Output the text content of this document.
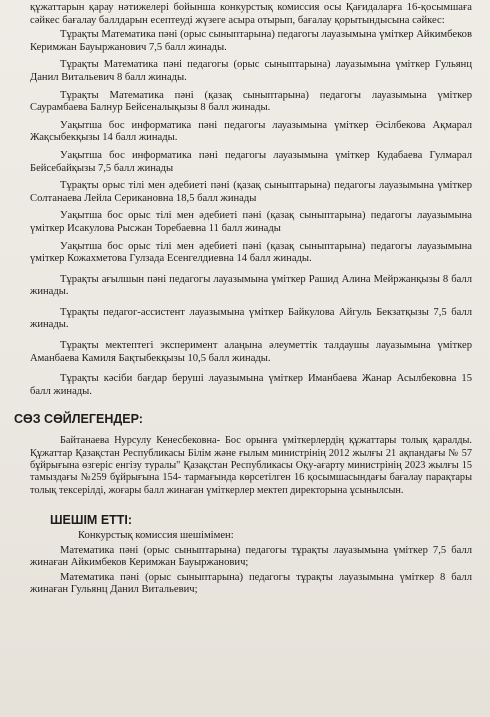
құжаттарын қарау нәтижелері бойынша конкурстық комиссия осы Қағидаларға 16-қосымшаға сәйкес бағалау баллдарын есептеуді жүзеге асыра отырып, бағалау қорытындысына сәйкес:

Тұрақты Математика пәні (орыс сыныптарына) педагогы лауазымына үміткер Айкимбеков Керимжан Бауыржанович 7,5 балл жинады.

Тұрақты Математика пәні педагогы (орыс сыныптарына) лауазымына үміткер Гульянц Данил Витальевич 8 балл жинады.

Тұрақты Математика пәні (қазақ сыныптарына) педагогы лауазымына үміткер Саурамбаева Балнур Бейсеналықызы 8 балл жинады.

Уақытша бос информатика пәні педагогы лауазымына үміткер Әсілбекова Ақмарал Жақсыбекқызы 14 балл жинады.

Уақытша бос информатика пәні педагогы лауазымына үміткер Кудабаева Гулмарал Бейсебайқызы 7,5 балл жинады

Тұрақты орыс тілі мен әдебиеті пәні (қазақ сыныптарына) педагогы лауазымына үміткер Солтанаева Лейла Серикановна 18,5 балл жинады

Уақытша бос орыс тілі мен әдебиеті пәні (қазақ сыныптарына) педагогы лауазымына үміткер Исакулова Рысжан Торебаевна 11 балл жинады

Уақытша бос орыс тілі мен әдебиеті пәні (қазақ сыныптарына) педагогы лауазымына үміткер Кожахметова Гулзада Есенгелдиевна 14 балл жинады.

Тұрақты ағылшын пәні педагогы лауазымына үміткер Рашид Алина Мейржанқызы 8 балл жинады.

Тұрақты педагог-ассистент лауазымына үміткер Байкулова Айгуль Бекзатқызы 7,5 балл жинады.

Тұрақты мектептегі эксперимент алаңына әлеуметтік талдаушы лауазымына үміткер Аманбаева Камиля Бақтыбекқызы 10,5 балл жинады.

Тұрақты кәсіби бағдар беруші лауазымына үміткер Иманбаева Жанар Асылбековна 15 балл жинады.

СӨЗ СӨЙЛЕГЕНДЕР:

Байтанаева Нурсулу Кенесбековна- Бос орынға үміткерлердің құжаттары толық қаралды. Құжаттар Қазақстан Республикасы Білім және ғылым министрінің 2012 жылғы 21 ақпандағы № 57 бұйрығына өзгеріс енгізу туралы" Қазақстан Республикасы Оқу-ағарту министрінің 2023 жылғы 15 тамыздағы №259 бұйрығына 154- тармағында көрсетілген 16 қосымшасындағы бағалау парақтары толық тексерілді, жоғары балл жинаған үміткерлер мектеп директорына ұсынылсын.

ШЕШІМ ЕТТІ:

Конкурстық комиссия шешімімен:

Математика пәні (орыс сыныптарына) педагогы тұрақты лауазымына үміткер 7,5 балл жинаған Айкимбеков Керимжан Бауыржанович;

Математика пәні (орыс сыныптарына) педагогы тұрақты лауазымына үміткер 8 балл жинаған Гульянц Данил Витальевич;
